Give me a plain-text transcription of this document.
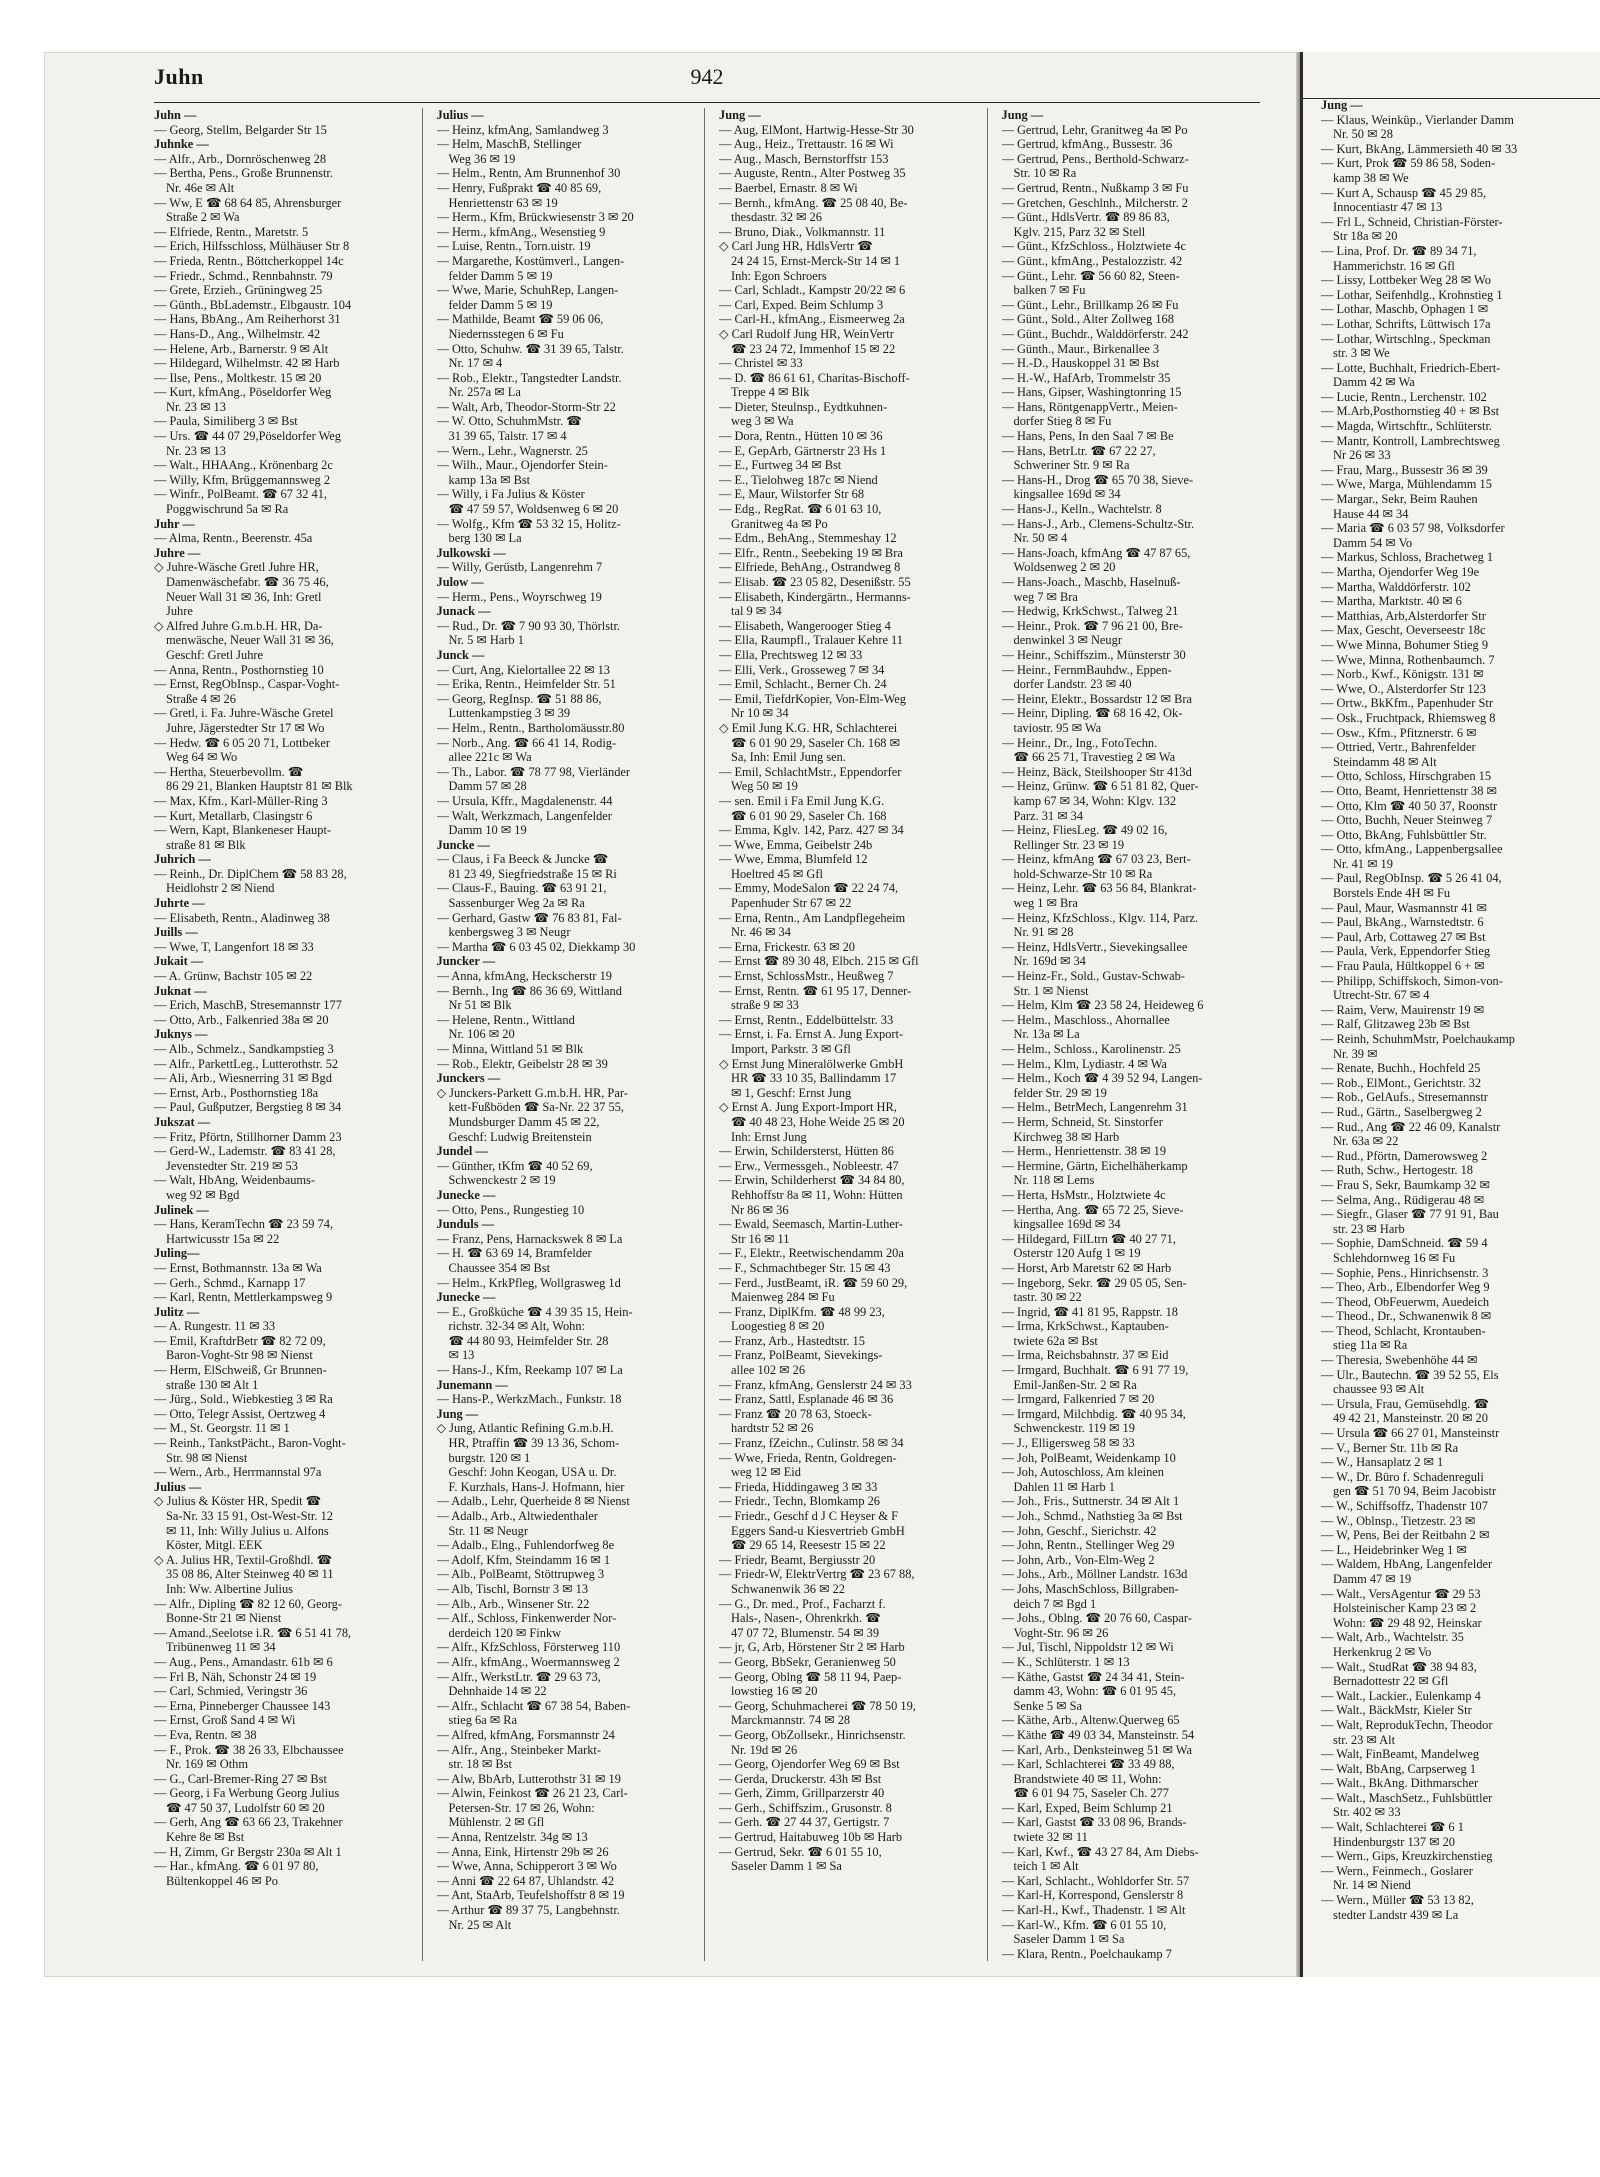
Juhn	942
Juhn —
— Georg, Stellm, Belgarder Str 15
Juhnke —
— Alfr., Arb., Dornröschenweg 28
— Bertha, Pens., Große Brunnenstr.
Nr. 46e ✉ Alt
— Ww, E ☎ 68 64 85, Ahrensburger
Straße 2 ✉ Wa
— Elfriede, Rentn., Maretstr. 5
— Erich, Hilfsschloss, Mülhäuser Str 8
— Frieda, Rentn., Böttcherkoppel 14c
— Friedr., Schmd., Rennbahnstr. 79
— Grete, Erzieh., Grüningweg 25
— Günth., BbLademstr., Elbgaustr. 104
— Hans, BbAng., Am Reiherhorst 31
— Hans-D., Ang., Wilhelmstr. 42
— Helene, Arb., Barnerstr. 9 ✉ Alt
— Hildegard, Wilhelmstr. 42 ✉ Harb
— Ilse, Pens., Moltkestr. 15 ✉ 20
— Kurt, kfmAng., Pöseldorfer Weg
Nr. 23 ✉ 13
— Paula, Similiberg 3 ✉ Bst
— Urs. ☎ 44 07 29,Pöseldorfer Weg
Nr. 23 ✉ 13
— Walt., HHAAng., Krönenbarg 2c
— Willy, Kfm, Brüggemannsweg 2
— Winfr., PolBeamt. ☎ 67 32 41,
Poggwischrund 5a ✉ Ra
Juhr —
— Alma, Rentn., Beerenstr. 45a
Juhre —
◇ Juhre-Wäsche Gretl Juhre HR,
Damenwäschefabr. ☎ 36 75 46,
Neuer Wall 31 ✉ 36, Inh: Gretl
Juhre
◇ Alfred Juhre G.m.b.H. HR, Da-
menwäsche, Neuer Wall 31 ✉ 36,
Geschf: Gretl Juhre
— Anna, Rentn., Posthornstieg 10
— Ernst, RegObInsp., Caspar-Voght-
Straße 4 ✉ 26
— Gretl, i. Fa. Juhre-Wäsche Gretel
Juhre, Jägerstedter Str 17 ✉ Wo
— Hedw. ☎ 6 05 20 71, Lottbeker
Weg 64 ✉ Wo
— Hertha, Steuerbevollm. ☎
86 29 21, Blanken Hauptstr 81 ✉ Blk
— Max, Kfm., Karl-Müller-Ring 3
— Kurt, Metallarb, Clasingstr 6
— Wern, Kapt, Blankeneser Haupt-
straße 81 ✉ Blk
Juhrich —
— Reinh., Dr. DiplChem ☎ 58 83 28,
Heidlohstr 2 ✉ Niend
Juhrte —
— Elisabeth, Rentn., Aladinweg 38
Juills —
— Wwe, T, Langenfort 18 ✉ 33
Jukait —
— A. Grünw, Bachstr 105 ✉ 22
Juknat —
— Erich, MaschB, Stresemannstr 177
— Otto, Arb., Falkenried 38a ✉ 20
Juknys —
— Alb., Schmelz., Sandkampstieg 3
— Alfr., ParkettLeg., Lutterothstr. 52
— Ali, Arb., Wiesnerring 31 ✉ Bgd
— Ernst, Arb., Posthornstieg 18a
— Paul, Gußputzer, Bergstieg 8 ✉ 34
Jukszat —
— Fritz, Pförtn, Stillhorner Damm 23
— Gerd-W., Lademstr. ☎ 83 41 28,
Jevenstedter Str. 219 ✉ 53
— Walt, HbAng, Weidenbaums-
weg 92 ✉ Bgd
Julinek —
— Hans, KeramTechn ☎ 23 59 74,
Hartwicusstr 15a ✉ 22
Juling—
— Ernst, Bothmannstr. 13a ✉ Wa
— Gerh., Schmd., Karnapp 17
— Karl, Rentn, Mettlerkampsweg 9
Julitz —
— A. Rungestr. 11 ✉ 33
— Emil, KraftdrBetr ☎ 82 72 09,
Baron-Voght-Str 98 ✉ Nienst
— Herm, ElSchweiß, Gr Brunnen-
straße 130 ✉ Alt 1
— Jürg., Sold., Wiebkestieg 3 ✉ Ra
— Otto, Telegr Assist, Oertzweg 4
— M., St. Georgstr. 11 ✉ 1
— Reinh., TankstPächt., Baron-Voght-
Str. 98 ✉ Nienst
— Wern., Arb., Herrmannstal 97a
Julius —
◇ Julius & Köster HR, Spedit ☎
Sa-Nr. 33 15 91, Ost-West-Str. 12
✉ 11, Inh: Willy Julius u. Alfons
Köster, Mitgl. EEK
◇ A. Julius HR, Textil-Großhdl. ☎
35 08 86, Alter Steinweg 40 ✉ 11
Inh: Ww. Albertine Julius
— Alfr., Dipling ☎ 82 12 60, Georg-
Bonne-Str 21 ✉ Nienst
— Amand.,Seelotse i.R. ☎ 6 51 41 78,
Tribünenweg 11 ✉ 34
— Aug., Pens., Amandastr. 61b ✉ 6
— Frl B, Näh, Schonstr 24 ✉ 19
— Carl, Schmied, Veringstr 36
— Erna, Pinneberger Chaussee 143
— Ernst, Groß Sand 4 ✉ Wi
— Eva, Rentn. ✉ 38
— F., Prok. ☎ 38 26 33, Elbchaussee
Nr. 169 ✉ Othm
— G., Carl-Bremer-Ring 27 ✉ Bst
— Georg, i Fa Werbung Georg Julius
☎ 47 50 37, Ludolfstr 60 ✉ 20
— Gerh, Ang ☎ 63 66 23, Trakehner
Kehre 8e ✉ Bst
— H, Zimm, Gr Bergstr 230a ✉ Alt 1
— Har., kfmAng. ☎ 6 01 97 80,
Bültenkoppel 46 ✉ Po
Julius —
— Heinz, kfmAng, Samlandweg 3
— Helm, MaschB, Stellinger
Weg 36 ✉ 19
— Helm., Rentn, Am Brunnenhof 30
— Henry, Fußprakt ☎ 40 85 69,
Henriettenstr 63 ✉ 19
— Herm., Kfm, Brückwiesenstr 3 ✉ 20
— Herm., kfmAng., Wesenstieg 9
— Luise, Rentn., Torn.uistr. 19
— Margarethe, Kostümverl., Langen-
felder Damm 5 ✉ 19
— Wwe, Marie, SchuhRep, Langen-
felder Damm 5 ✉ 19
— Mathilde, Beamt ☎ 59 06 06,
Niedernsstegen 6 ✉ Fu
— Otto, Schuhw. ☎ 31 39 65, Talstr.
Nr. 17 ✉ 4
— Rob., Elektr., Tangstedter Landstr.
Nr. 257a ✉ La
— Walt, Arb, Theodor-Storm-Str 22
— W. Otto, SchuhmMstr. ☎
31 39 65, Talstr. 17 ✉ 4
— Wern., Lehr., Wagnerstr. 25
— Wilh., Maur., Ojendorfer Stein-
kamp 13a ✉ Bst
— Willy, i Fa Julius & Köster
☎ 47 59 57, Woldsenweg 6 ✉ 20
— Wolfg., Kfm ☎ 53 32 15, Holitz-
berg 130 ✉ La
Julkowski —
— Willy, Gerüstb, Langenrehm 7
Julow —
— Herm., Pens., Woyrschweg 19
Junack —
— Rud., Dr. ☎ 7 90 93 30, Thörlstr.
Nr. 5 ✉ Harb 1
Junck —
— Curt, Ang, Kielortallee 22 ✉ 13
— Erika, Rentn., Heimfelder Str. 51
— Georg, RegInsp. ☎ 51 88 86,
Luttenkampstieg 3 ✉ 39
— Helm., Rentn., Bartholomäusstr.80
— Norb., Ang. ☎ 66 41 14, Rodig-
allee 221c ✉ Wa
— Th., Labor. ☎ 78 77 98, Vierländer
Damm 57 ✉ 28
— Ursula, Kffr., Magdalenenstr. 44
— Walt, Werkzmach, Langenfelder
Damm 10 ✉ 19
Juncke —
— Claus, i Fa Beeck & Juncke ☎
81 23 49, Siegfriedstraße 15 ✉ Ri
— Claus-F., Bauing. ☎ 63 91 21,
Sassenburger Weg 2a ✉ Ra
— Gerhard, Gastw ☎ 76 83 81, Fal-
kenbergsweg 3 ✉ Neugr
— Martha ☎ 6 03 45 02, Diekkamp 30
Juncker —
— Anna, kfmAng, Heckscherstr 19
— Bernh., Ing ☎ 86 36 69, Wittland
Nr 51 ✉ Blk
— Helene, Rentn., Wittland
Nr. 106 ✉ 20
— Minna, Wittland 51 ✉ Blk
— Rob., Elektr, Geibelstr 28 ✉ 39
Junckers —
◇ Junckers-Parkett G.m.b.H. HR, Par-
kett-Fußböden ☎ Sa-Nr. 22 37 55,
Mundsburger Damm 45 ✉ 22,
Geschf: Ludwig Breitenstein
Jundel —
— Günther, tKfm ☎ 40 52 69,
Schwenckestr 2 ✉ 19
Junecke —
— Otto, Pens., Rungestieg 10
Junduls —
— Franz, Pens, Harnackswek 8 ✉ La
— H. ☎ 63 69 14, Bramfelder
Chaussee 354 ✉ Bst
— Helm., KrkPfleg, Wollgrasweg 1d
Juneckе —
— E., Großküche ☎ 4 39 35 15, Hein-
richstr. 32-34 ✉ Alt, Wohn:
☎ 44 80 93, Heimfelder Str. 28
✉ 13
— Hans-J., Kfm, Reekamp 107 ✉ La
Junemann —
— Hans-P., WerkzMach., Funkstr. 18
Jung —
◇ Jung, Atlantic Refining G.m.b.H.
HR, Ptraffin ☎ 39 13 36, Schom-
burgstr. 120 ✉ 1
Geschf: John Keogan, USA u. Dr.
F. Kurzhals, Hans-J. Hofmann, hier
— Adalb., Lehr, Querheide 8 ✉ Nienst
— Adalb., Arb., Altwiedenthaler
Str. 11 ✉ Neugr
— Adalb., Elng., Fuhlendorfweg 8e
— Adolf, Kfm, Steindamm 16 ✉ 1
— Alb., PolBeamt, Stöttrupweg 3
— Alb, Tischl, Bornstr 3 ✉ 13
— Alb., Arb., Winsener Str. 22
— Alf., Schloss, Finkenwerder Nor-
derdeich 120 ✉ Finkw
— Alfr., KfzSchloss, Försterweg 110
— Alfr., kfmAng., Woermannsweg 2
— Alfr., WerkstLtr. ☎ 29 63 73,
Dehnhaide 14 ✉ 22
— Alfr., Schlacht ☎ 67 38 54, Baben-
stieg 6a ✉ Ra
— Alfred, kfmAng, Forsmannstr 24
— Alfr., Ang., Steinbeker Markt-
str. 18 ✉ Bst
— Alw, BbArb, Lutterothstr 31 ✉ 19
— Alwin, Feinkost ☎ 26 21 23, Carl-
Petersen-Str. 17 ✉ 26, Wohn:
Mühlenstr. 2 ✉ Gfl
— Anna, Rentzelstr. 34g ✉ 13
— Anna, Eink, Hirtenstr 29b ✉ 26
— Wwe, Anna, Schipperort 3 ✉ Wo
— Anni ☎ 22 64 87, Uhlandstr. 42
— Ant, StaArb, Teufelshoffstr 8 ✉ 19
— Arthur ☎ 89 37 75, Langbehnstr.
Nr. 25 ✉ Alt
Jung —
— Aug, ElMont, Hartwig-Hesse-Str 30
— Aug., Heiz., Trettaustr. 16 ✉ Wi
— Aug., Masch, Bernstorffstr 153
— Auguste, Rentn., Alter Postweg 35
— Baerbel, Ernastr. 8 ✉ Wi
— Bernh., kfmAng. ☎ 25 08 40, Be-
thesdastr. 32 ✉ 26
— Bruno, Diak., Volkmannstr. 11
◇ Carl Jung HR, HdlsVertr ☎
24 24 15, Ernst-Merck-Str 14 ✉ 1
Inh: Egon Schroers
— Carl, Schladt., Kampstr 20/22 ✉ 6
— Carl, Exped. Beim Schlump 3
— Carl-H., kfmAng., Eismeerweg 2a
◇ Carl Rudolf Jung HR, WeinVertr
☎ 23 24 72, Immenhof 15 ✉ 22
— Christel ✉ 33
— D. ☎ 86 61 61, Charitas-Bischoff-
Treppe 4 ✉ Blk
— Dieter, Steulnsp., Eydtkuhnen-
weg 3 ✉ Wa
— Dora, Rentn., Hütten 10 ✉ 36
— E, GepArb, Gärtnerstr 23 Hs 1
— E., Furtweg 34 ✉ Bst
— E., Tielohweg 187c ✉ Niend
— E, Maur, Wilstorfer Str 68
— Edg., RegRat. ☎ 6 01 63 10,
Granitweg 4a ✉ Po
— Edm., BehAng., Stemmeshay 12
— Elfr., Rentn., Seebeking 19 ✉ Bra
— Elfriede, BehAng., Ostrandweg 8
— Elisab. ☎ 23 05 82, Desenißstr. 55
— Elisabeth, Kindergärtn., Hermanns-
tal 9 ✉ 34
— Elisabeth, Wangerooger Stieg 4
— Ella, Raumpfl., Tralauer Kehre 11
— Ella, Prechtsweg 12 ✉ 33
— Elli, Verk., Grosseweg 7 ✉ 34
— Emil, Schlacht., Berner Ch. 24
— Emil, TiefdrKopier, Von-Elm-Weg
Nr 10 ✉ 34
◇ Emil Jung K.G. HR, Schlachterei
☎ 6 01 90 29, Saseler Ch. 168 ✉
Sa, Inh: Emil Jung sen.
— Emil, SchlachtMstr., Eppendorfer
Weg 50 ✉ 19
— sen. Emil i Fa Emil Jung K.G.
☎ 6 01 90 29, Saseler Ch. 168
— Emma, Kglv. 142, Parz. 427 ✉ 34
— Wwe, Emma, Geibelstr 24b
— Wwe, Emma, Blumfeld 12
Hoeltred 45 ✉ Gfl
— Emmy, ModeSalon ☎ 22 24 74,
Papenhuder Str 67 ✉ 22
— Erna, Rentn., Am Landpflegeheim
Nr. 46 ✉ 34
— Erna, Frickestr. 63 ✉ 20
— Ernst ☎ 89 30 48, Elbch. 215 ✉ Gfl
— Ernst, SchlossMstr., Heußweg 7
— Ernst, Rentn. ☎ 61 95 17, Denner-
straße 9 ✉ 33
— Ernst, Rentn., Eddelbüttelstr. 33
— Ernst, i. Fa. Ernst A. Jung Export-
Import, Parkstr. 3 ✉ Gfl
◇ Ernst Jung Mineralölwerke GmbH
HR ☎ 33 10 35, Ballindamm 17
✉ 1, Geschf: Ernst Jung
◇ Ernst A. Jung Export-Import HR,
☎ 40 48 23, Hohe Weide 25 ✉ 20
Inh: Ernst Jung
— Erwin, Schildersterst, Hütten 86
— Erw., Vermessgeh., Nobleestr. 47
— Erwin, Schilderherst ☎ 34 84 80,
Rehhoffstr 8a ✉ 11, Wohn: Hütten
Nr 86 ✉ 36
— Ewald, Seemasch, Martin-Luther-
Str 16 ✉ 11
— F., Elektr., Reetwischendamm 20a
— F., Schmachtbeger Str. 15 ✉ 43
— Ferd., JustBeamt, iR. ☎ 59 60 29,
Maienweg 284 ✉ Fu
— Franz, DiplKfm. ☎ 48 99 23,
Loogestieg 8 ✉ 20
— Franz, Arb., Hastedtstr. 15
— Franz, PolBeamt, Sievekings-
allee 102 ✉ 26
— Franz, kfmAng, Genslerstr 24 ✉ 33
— Franz, Sattl, Esplanade 46 ✉ 36
— Franz ☎ 20 78 63, Stoeck-
hardtstr 52 ✉ 26
— Franz, fZeichn., Culinstr. 58 ✉ 34
— Wwe, Frieda, Rentn, Goldregen-
weg 12 ✉ Eid
— Frieda, Hiddingaweg 3 ✉ 33
— Friedr., Techn, Blomkamp 26
— Friedr., Geschf d J C Heyser & F
Eggers Sand-u Kiesvertrieb GmbH
☎ 29 65 14, Reesestr 15 ✉ 22
— Friedr, Beamt, Bergiusstr 20
— Friedr-W, ElektrVertrg ☎ 23 67 88,
Schwanenwik 36 ✉ 22
— G., Dr. med., Prof., Facharzt f.
Hals-, Nasen-, Ohrenkrkh. ☎
47 07 72, Blumenstr. 54 ✉ 39
— jr, G, Arb, Hörstener Str 2 ✉ Harb
— Georg, BbSekr, Geranienweg 50
— Georg, Oblng ☎ 58 11 94, Paep-
lowstieg 16 ✉ 20
— Georg, Schuhmacherei ☎ 78 50 19,
Marckmannstr. 74 ✉ 28
— Georg, ObZollsekr., Hinrichsenstr.
Nr. 19d ✉ 26
— Georg, Ojendorfer Weg 69 ✉ Bst
— Gerda, Druckerstr. 43h ✉ Bst
— Gerh, Zimm, Grillparzerstr 40
— Gerh., Schiffszim., Grusonstr. 8
— Gerh. ☎ 27 44 37, Gertigstr. 7
— Gertrud, Haitabuweg 10b ✉ Harb
— Gertrud, Sekr. ☎ 6 01 55 10,
Saseler Damm 1 ✉ Sa
Jung —
— Gertrud, Lehr, Granitweg 4a ✉ Po
— Gertrud, kfmAng., Bussestr. 36
— Gertrud, Pens., Berthold-Schwarz-
Str. 10 ✉ Ra
— Gertrud, Rentn., Nußkamp 3 ✉ Fu
— Gretchen, Geschlnh., Milcherstr. 2
— Günt., HdlsVertr. ☎ 89 86 83,
Kglv. 215, Parz 32 ✉ Stell
— Günt., KfzSchloss., Holztwiete 4c
— Günt., kfmAng., Pestalozzistr. 42
— Günt., Lehr. ☎ 56 60 82, Steen-
balken 7 ✉ Fu
— Günt., Lehr., Brillkamp 26 ✉ Fu
— Günt., Sold., Alter Zollweg 168
— Günt., Buchdr., Walddörferstr. 242
— Günth., Maur., Birkenallee 3
— H.-D., Hauskoppel 31 ✉ Bst
— H.-W., HafArb, Trommelstr 35
— Hans, Gipser, Washingtonring 15
— Hans, RöntgenappVertr., Meien-
dorfer Stieg 8 ✉ Fu
— Hans, Pens, In den Saal 7 ✉ Be
— Hans, BetrLtr. ☎ 67 22 27,
Schweriner Str. 9 ✉ Ra
— Hans-H., Drog ☎ 65 70 38, Sieve-
kingsallee 169d ✉ 34
— Hans-J., Kelln., Wachtelstr. 8
— Hans-J., Arb., Clemens-Schultz-Str.
Nr. 50 ✉ 4
— Hans-Joach, kfmAng ☎ 47 87 65,
Woldsenweg 2 ✉ 20
— Hans-Joach., Maschb, Haselnuß-
weg 7 ✉ Bra
— Hedwig, KrkSchwst., Talweg 21
— Heinr., Prok. ☎ 7 96 21 00, Bre-
denwinkel 3 ✉ Neugr
— Heinr., Schiffszim., Münsterstr 30
— Heinr., FernmBauhdw., Eppen-
dorfer Landstr. 23 ✉ 40
— Heinr, Elektr., Bossardstr 12 ✉ Bra
— Heinr, Dipling. ☎ 68 16 42, Ok-
taviostr. 95 ✉ Wa
— Heinr., Dr., Ing., FotoTechn.
☎ 66 25 71, Travestieg 2 ✉ Wa
— Heinz, Bäck, Steilshooper Str 413d
— Heinz, Grünw. ☎ 6 51 81 82, Quer-
kamp 67 ✉ 34, Wohn: Klgv. 132
Parz. 31 ✉ 34
— Heinz, FliesLeg. ☎ 49 02 16,
Rellinger Str. 23 ✉ 19
— Heinz, kfmAng ☎ 67 03 23, Bert-
hold-Schwarze-Str 10 ✉ Ra
— Heinz, Lehr. ☎ 63 56 84, Blankrat-
weg 1 ✉ Bra
— Heinz, KfzSchloss., Klgv. 114, Parz.
Nr. 91 ✉ 28
— Heinz, HdlsVertr., Sievekingsallee
Nr. 169d ✉ 34
— Heinz-Fr., Sold., Gustav-Schwab-
Str. 1 ✉ Nienst
— Helm, Klm ☎ 23 58 24, Heideweg 6
— Helm., Maschloss., Ahornallee
Nr. 13a ✉ La
— Helm., Schloss., Karolinenstr. 25
— Helm., Klm, Lydiastr. 4 ✉ Wa
— Helm., Koch ☎ 4 39 52 94, Langen-
felder Str. 29 ✉ 19
— Helm., BetrMech, Langenrehm 31
— Herm, Schneid, St. Sinstorfer
Kirchweg 38 ✉ Harb
— Herm., Henriettenstr. 38 ✉ 19
— Hermine, Gärtn, Eichelhäherkamp
Nr. 118 ✉ Lems
— Herta, HsMstr., Holztwiete 4c
— Hertha, Ang. ☎ 65 72 25, Sieve-
kingsallee 169d ✉ 34
— Hildegard, FilLtrn ☎ 40 27 71,
Osterstr 120 Aufg 1 ✉ 19
— Horst, Arb Maretstr 62 ✉ Harb
— Ingeborg, Sekr. ☎ 29 05 05, Sen-
tastr. 30 ✉ 22
— Ingrid, ☎ 41 81 95, Rappstr. 18
— Irma, KrkSchwst., Kaptauben-
twiete 62a ✉ Bst
— Irma, Reichsbahnstr. 37 ✉ Eid
— Irmgard, Buchhalt. ☎ 6 91 77 19,
Emil-Janßen-Str. 2 ✉ Ra
— Irmgard, Falkenried 7 ✉ 20
— Irmgard, Milchbdig. ☎ 40 95 34,
Schwenckestr. 119 ✉ 19
— J., Elligersweg 58 ✉ 33
— Joh, PolBeamt, Weidenkamp 10
— Joh, Autoschloss, Am kleinen
Dahlen 11 ✉ Harb 1
— Joh., Fris., Suttnerstr. 34 ✉ Alt 1
— Joh., Schmd., Nathstieg 3a ✉ Bst
— John, Geschf., Sierichstr. 42
— John, Rentn., Stellinger Weg 29
— John, Arb., Von-Elm-Weg 2
— Johs., Arb., Möllner Landstr. 163d
— Johs, MaschSchloss, Billgraben-
deich 7 ✉ Bgd 1
— Johs., Oblng. ☎ 20 76 60, Caspar-
Voght-Str. 96 ✉ 26
— Jul, Tischl, Nippoldstr 12 ✉ Wi
— K., Schlüterstr. 1 ✉ 13
— Käthe, Gastst ☎ 24 34 41, Stein-
damm 43, Wohn: ☎ 6 01 95 45,
Senke 5 ✉ Sa
— Käthe, Arb., Altenw.Querweg 65
— Käthe ☎ 49 03 34, Mansteinstr. 54
— Karl, Arb., Denksteinweg 51 ✉ Wa
— Karl, Schlachterei ☎ 33 49 88,
Brandstwiete 40 ✉ 11, Wohn:
☎ 6 01 94 75, Saseler Ch. 277
— Karl, Exped, Beim Schlump 21
— Karl, Gastst ☎ 33 08 96, Brands-
twiete 32 ✉ 11
— Karl, Kwf., ☎ 43 27 84, Am Diebs-
teich 1 ✉ Alt
— Karl, Schlacht., Wohldorfer Str. 57
— Karl-H, Korrespond, Genslerstr 8
— Karl-H., Kwf., Thadenstr. 1 ✉ Alt
— Karl-W., Kfm. ☎ 6 01 55 10,
Saseler Damm 1 ✉ Sa
— Klara, Rentn., Poelchaukamp 7
Jung —
— Klaus, Weinküp., Vierlander Damm
Nr. 50 ✉ 28
— Kurt, BkAng, Lämmersieth 40 ✉ 33
— Kurt, Prok ☎ 59 86 58, Soden-
kamp 38 ✉ We
— Kurt A, Schausp ☎ 45 29 85,
Innocentiastr 47 ✉ 13
— Frl L, Schneid, Christian-Förster-
Str 18a ✉ 20
— Lina, Prof. Dr. ☎ 89 34 71,
Hammerichstr. 16 ✉ Gfl
— Lissy, Lottbeker Weg 28 ✉ Wo
— Lothar, Seifenhdlg., Krohnstieg 1
— Lothar, Maschb, Ophagen 1 ✉
— Lothar, Schrifts, Lüttwisch 17a
— Lothar, Wirtschlng., Speckman
str. 3 ✉ We
— Lotte, Buchhalt, Friedrich-Ebert-
Damm 42 ✉ Wa
— Lucie, Rentn., Lerchenstr. 102
— M.Arb,Posthornstieg 40 + ✉ Bst
— Magda, Wirtschftr., Schlüterstr.
— Mantr, Kontroll, Lambrechtsweg
Nr 26 ✉ 33
— Frau, Marg., Bussestr 36 ✉ 39
— Wwe, Marga, Mühlendamm 15
— Margar., Sekr, Beim Rauhen
Hause 44 ✉ 34
— Maria ☎ 6 03 57 98, Volksdorfer
Damm 54 ✉ Vo
— Markus, Schloss, Brachetweg 1
— Martha, Ojendorfer Weg 19e
— Martha, Walddörferstr. 102
— Martha, Marktstr. 40 ✉ 6
— Matthias, Arb,Alsterdorfer Str
— Max, Gescht, Oeverseestr 18c
— Wwe Minna, Bohumer Stieg 9
— Wwe, Minna, Rothenbaumch. 7
— Norb., Kwf., Königstr. 131 ✉
— Wwe, O., Alsterdorfer Str 123
— Ortw., BkKfm., Papenhuder Str
— Osk., Fruchtpack, Rhiemsweg 8
— Osw., Kfm., Pfitznerstr. 6 ✉
— Ottried, Vertr., Bahrenfelder
Steindamm 48 ✉ Alt
— Otto, Schloss, Hirschgraben 15
— Otto, Beamt, Henriettenstr 38 ✉
— Otto, Klm ☎ 40 50 37, Roonstr
— Otto, Buchh, Neuer Steinweg 7
— Otto, BkAng, Fuhlsbüttler Str.
— Otto, kfmAng., Lappenbergsallee
Nr. 41 ✉ 19
— Paul, RegObInsp. ☎ 5 26 41 04,
Borstels Ende 4H ✉ Fu
— Paul, Maur, Wasmannstr 41 ✉
— Paul, BkAng., Warnstedtstr. 6
— Paul, Arb, Cottaweg 27 ✉ Bst
— Paula, Verk, Eppendorfer Stieg
— Frau Paula, Hültkoppel 6 + ✉
— Philipp, Schiffskoch, Simon-von-
Utrecht-Str. 67 ✉ 4
— Raim, Verw, Mauirenstr 19 ✉
— Ralf, Glitzaweg 23b ✉ Bst
— Reinh, SchuhmMstr, Poelchaukamp
Nr. 39 ✉
— Renate, Buchh., Hochfeld 25
— Rob., ElMont., Gerichtstr. 32
— Rob., GelAufs., Stresemannstr
— Rud., Gärtn., Saselbergweg 2
— Rud., Ang ☎ 22 46 09, Kanalstr
Nr. 63a ✉ 22
— Rud., Pförtn, Damerowsweg 2
— Ruth, Schw., Hertogestr. 18
— Frau S, Sekr, Baumkamp 32 ✉
— Selma, Ang., Rüdigerau 48 ✉
— Siegfr., Glaser ☎ 77 91 91, Bau
str. 23 ✉ Harb
— Sophie, DamSchneid. ☎ 59 4
Schlehdornweg 16 ✉ Fu
— Sophie, Pens., Hinrichsenstr. 3
— Theo, Arb., Elbendorfer Weg 9
— Theod, ObFeuerwm, Auedeich
— Theod., Dr., Schwanenwik 8 ✉
— Theod, Schlacht, Krontauben-
stieg 11a ✉ Ra
— Theresia, Swebenhöhe 44 ✉
— Ulr., Bautechn. ☎ 39 52 55, Els
chaussee 93 ✉ Alt
— Ursula, Frau, Gemüsehdlg. ☎
49 42 21, Mansteinstr. 20 ✉ 20
— Ursula ☎ 66 27 01, Mansteinstr
— V., Berner Str. 11b ✉ Ra
— W., Hansaplatz 2 ✉ 1
— W., Dr. Büro f. Schadenreguli
gen ☎ 51 70 94, Beim Jacobistr
— W., Schiffsoffz, Thadenstr 107
— W., Oblnsp., Tietzestr. 23 ✉
— W, Pens, Bei der Reitbahn 2 ✉
— L., Heidebrinker Weg 1 ✉
— Waldem, HbAng, Langenfelder
Damm 47 ✉ 19
— Walt., VersAgentur ☎ 29 53
Holsteinischer Kamp 23 ✉ 2
Wohn: ☎ 29 48 92, Heinskar
— Walt, Arb., Wachtelstr. 35
Herkenkrug 2 ✉ Vo
— Walt., StudRat ☎ 38 94 83,
Bernadottestr 22 ✉ Gfl
— Walt., Lackier., Eulenkamp 4
— Walt., BäckMstr, Kieler Str
— Walt, ReprodukTechn, Theodor
str. 23 ✉ Alt
— Walt, FinBeamt, Mandelweg
— Walt, BbAng, Carpserweg 1
— Walt., BkAng. Dithmarscher
— Walt., MaschSetz., Fuhlsbüttler
Str. 402 ✉ 33
— Walt, Schlachterei ☎ 6 1
Hindenburgstr 137 ✉ 20
— Wern., Gips, Kreuzkirchenstieg
— Wern., Feinmech., Goslarer
Nr. 14 ✉ Niend
— Wern., Müller ☎ 53 13 82,
stedter Landstr 439 ✉ La
